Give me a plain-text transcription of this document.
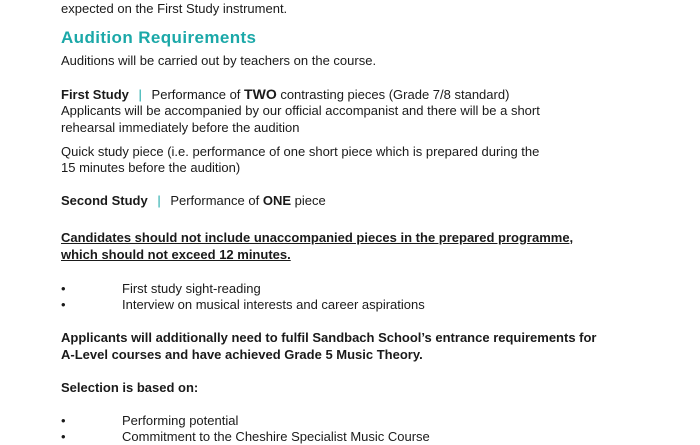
expected on the First Study instrument.
Audition Requirements
Auditions will be carried out by teachers on the course.
First Study | Performance of TWO contrasting pieces (Grade 7/8 standard)
Applicants will be accompanied by our official accompanist and there will be a short
rehearsal immediately before the audition
Quick study piece (i.e. performance of one short piece which is prepared during the
15 minutes before the audition)
Second Study | Performance of ONE piece
Candidates should not include unaccompanied pieces in the prepared programme,
which should not exceed 12 minutes.
•	First study sight-reading
•	Interview on musical interests and career aspirations
Applicants will additionally need to fulfil Sandbach School’s entrance requirements for
A-Level courses and have achieved Grade 5 Music Theory.
Selection is based on:
•	Performing potential
•	Commitment to the Cheshire Specialist Music Course
